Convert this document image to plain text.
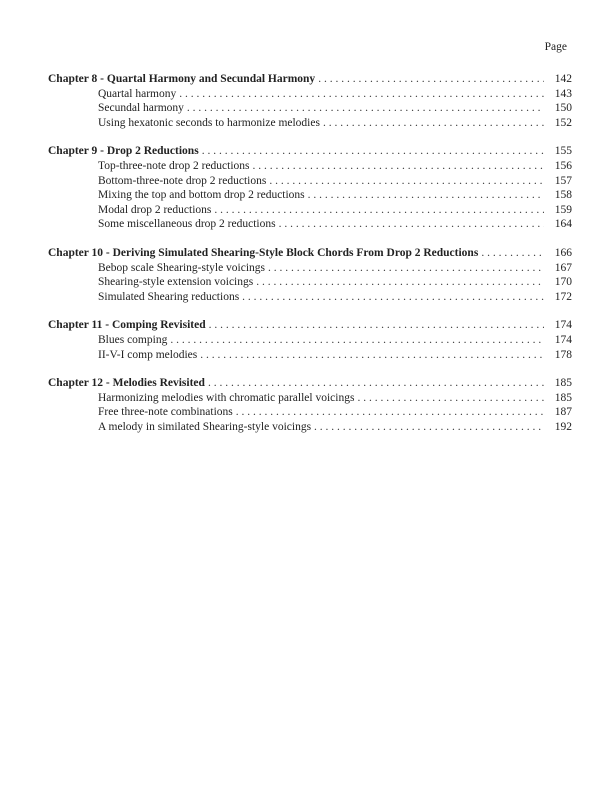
Page
Chapter 8 - Quartal Harmony and Secundal Harmony . . .	142
Quartal harmony . . .	143
Secundal harmony . . .	150
Using hexatonic seconds to harmonize melodies . . .	152
Chapter 9 - Drop 2 Reductions . . .	155
Top-three-note drop 2 reductions . . .	156
Bottom-three-note drop 2 reductions . . .	157
Mixing the top and bottom drop 2 reductions . . .	158
Modal drop 2 reductions . . .	159
Some miscellaneous drop 2 reductions . . .	164
Chapter 10 - Deriving Simulated Shearing-Style Block Chords From Drop 2 Reductions . . .	166
Bebop scale Shearing-style voicings . . .	167
Shearing-style extension voicings . . .	170
Simulated Shearing reductions . . .	172
Chapter 11 - Comping Revisited . . .	174
Blues comping . . .	174
II-V-I comp melodies . . .	178
Chapter 12 - Melodies Revisited . . .	185
Harmonizing melodies with chromatic parallel voicings . . .	185
Free three-note combinations . . .	187
A melody in similated Shearing-style voicings . . .	192
